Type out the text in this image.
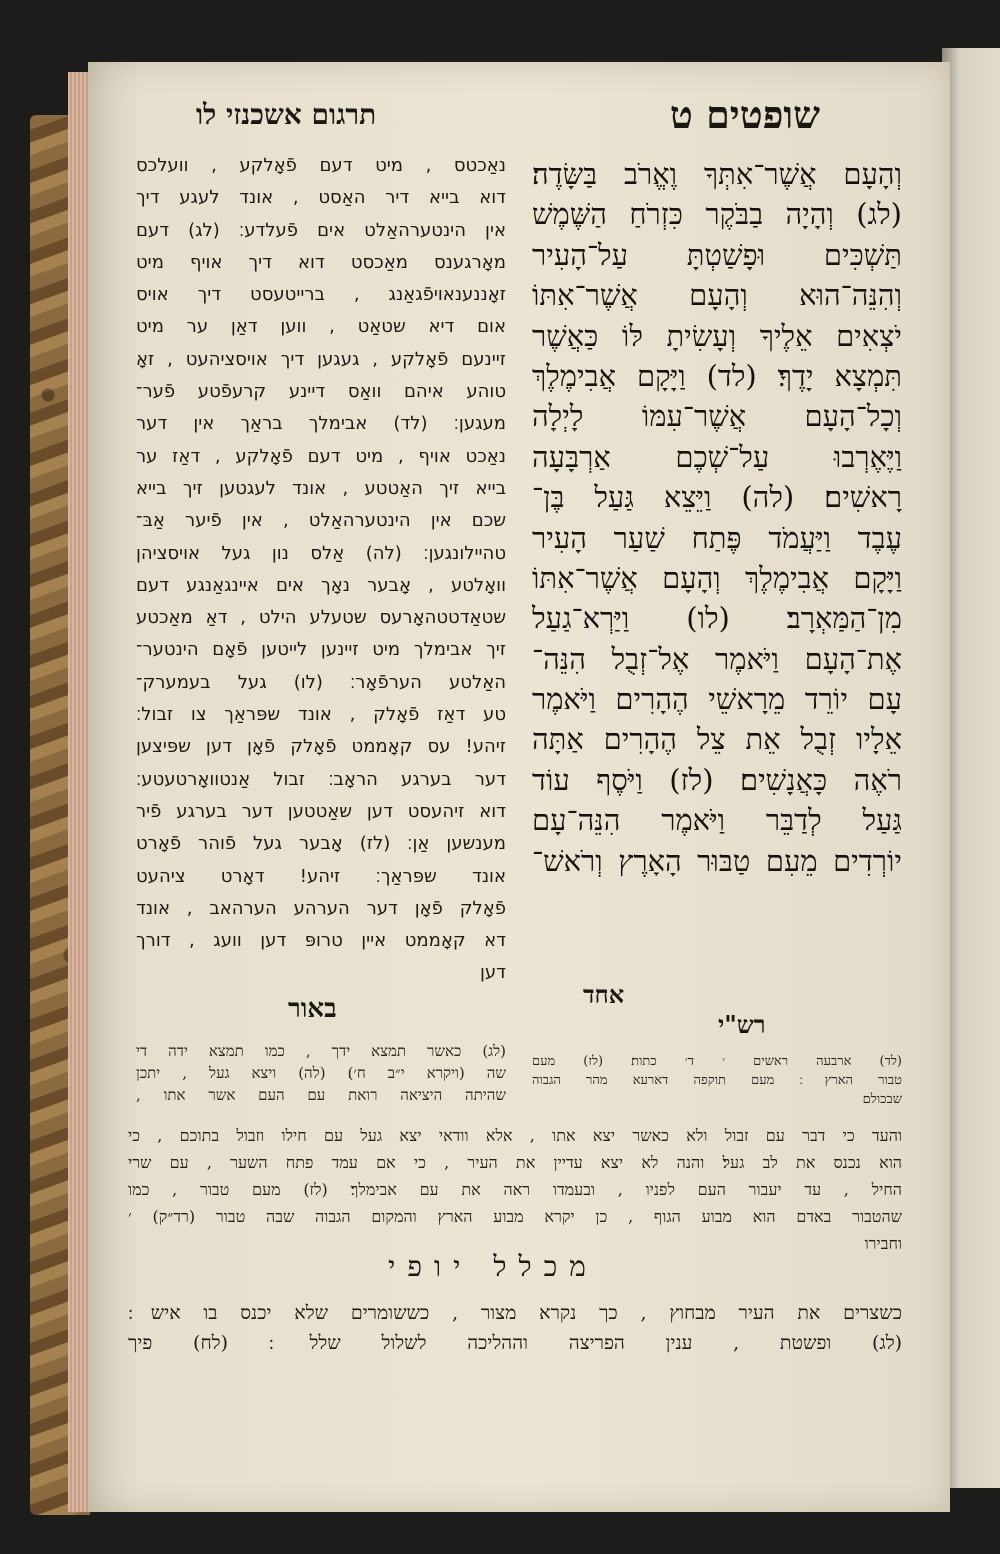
שופטים ט
תרגום אשכנזי לו
וְהָעָם אֲשֶׁר־אִתְּךָ וֶאֱרֹב בַּשָּׂדֶה׃
(לג) וְהָיָה בַבֹּקֶר כִּזְרֹחַ הַשֶּׁמֶשׁ
תַּשְׁכִּים וּפָשַׁטְתָּ עַל־הָעִיר
וְהִנֵּה־הוּא וְהָעָם אֲשֶׁר־אִתּוֹ
יֹצְאִים אֵלֶיךָ וְעָשִׂיתָ לּוֹ כַּאֲשֶׁר
תִּמְצָא יָדֶךָ׃ (לד) וַיָּקָם אֲבִימֶלֶךְ
וְכָל־הָעָם אֲשֶׁר־עִמּוֹ לָיְלָה
וַיֶּאֶרְבוּ עַל־שְׁכֶם אַרְבָּעָה
רָאשִׁים׃ (לה) וַיֵּצֵא גַּעַל בֶּן־
עֶבֶד וַיַּעֲמֹד פֶּתַח שַׁעַר הָעִיר
וַיָּקָם אֲבִימֶלֶךְ וְהָעָם אֲשֶׁר־אִתּוֹ
מִן־הַמַּאְרָב׃ (לו) וַיַּרְא־גַעַל
אֶת־הָעָם וַיֹּאמֶר אֶל־זְבֻל הִנֵּה־
עָם יוֹרֵד מֵרָאשֵׁי הֶהָרִים וַיֹּאמֶר
אֵלָיו זְבֻל אֵת צֵל הֶהָרִים אַתָּה
רֹאֶה כָּאֲנָשִׁים׃ (לז) וַיֹּסֶף עוֹד
גַּעַל לְדַבֵּר וַיֹּאמֶר הִנֵּה־עָם
יוֹרְדִים מֵעִם טַבּוּר הָאָרֶץ וְרֹאשׁ־
נאַכטס , מיט דעם פֿאָלקע , וועלכס
דוא בייא דיר האַסט , אונד לעגע דיך
אין הינטערהאַלט אים פֿעלדע׃ (לג) דעם
מאָרגענס מאַכסט דוא דיך אויף מיט
זאָננענאויפֿגאַנג , ברייטעסט דיך אויס
אום דיא שטאַט , ווען דאַן ער מיט
זיינעם פֿאָלקע , געגען דיך אויסציהעט , זאָ
טוהע איהם וואַס דיינע קרעפֿטע פֿער־
מעגען׃ (לד) אבימלך בראַך אין דער
נאַכט אויף , מיט דעם פֿאָלקע , דאַז ער
בייא זיך האַטטע , אונד לעגטען זיך בייא
שכם אין הינטערהאַלט , אין פֿיער אַבּ־
טהיילונגען׃ (לה) אַלס נון געל אויסציהן
וואָלטע , אָבער נאָך אים איינגאַנגע דעם
שטאַדטטהאָרעס שטעלע הילט , דאַ מאַכטע
זיך אבימלך מיט זיינען לייטען פֿאָם הינטער־
האַלטע הערפֿאָר׃ (לו) געל בעמערק־
טע דאַז פֿאָלק , אונד שפּראַך צו זבול׃
זיהע! עס קאָממט פֿאָלק פֿאָן דען שפּיצען
דער בערגע הראָב׃ זבול אַנטוואָרטעטע׃
דוא זיהעסט דען שאַטטען דער בערגע פֿיר
מענשען אַן׃ (לז) אָבער געל פֿוהר פֿאָרט
אונד שפּראַך׃ זיהע! דאָרט ציהעט
פֿאָלק פֿאָן דער הערהע הערהאב , אונד
דא קאָממט איין טרופּ דען וועג , דורך
דען
אחד
רש"י
(לד) ארבעה ראשים ׳ ד׳ כתות׃ (לז) מעם
טבור הארץ ׃ מעם תוקפה דארעא מהר הגבוה
שבכולם
באור
(לג) כאשר תמצא ידך , כמו תמצא ידה די
שה (ויקרא י״ב ח׳)׃ (לה) ויצא געל , יתכן
שהיתה היציאה רואת עם העם אשר אתו ,
והעד כי דבר עם זבול ולא כאשר יצא אתו , אלא וודאי יצא געל עם חילו וזבול בתוכם , כי
הוא נכנס את לב געל׃ והנה לא יצא עדיין את העיר , כי אם עמד פתח השער , עם שרי
החיל , עד יעבור העם לפניו , ובעמדו ראה את עם אבימלך׃ (לז) מעם טבור , כמו
שהטבור באדם הוא מבוע הגוף , כן יקרא מבוע הארץ והמקום הגבוה שבה טבור (רד״ק) ׳
וחבירו
מכלל יופי
כשצרים את העיר מבחוץ , כך נקרא מצור , כששומרים שלא יכנס בו איש ׃
(לג) ופשטת , ענין הפריצה וההליכה לשלול שלל ׃ (לח) פיך
